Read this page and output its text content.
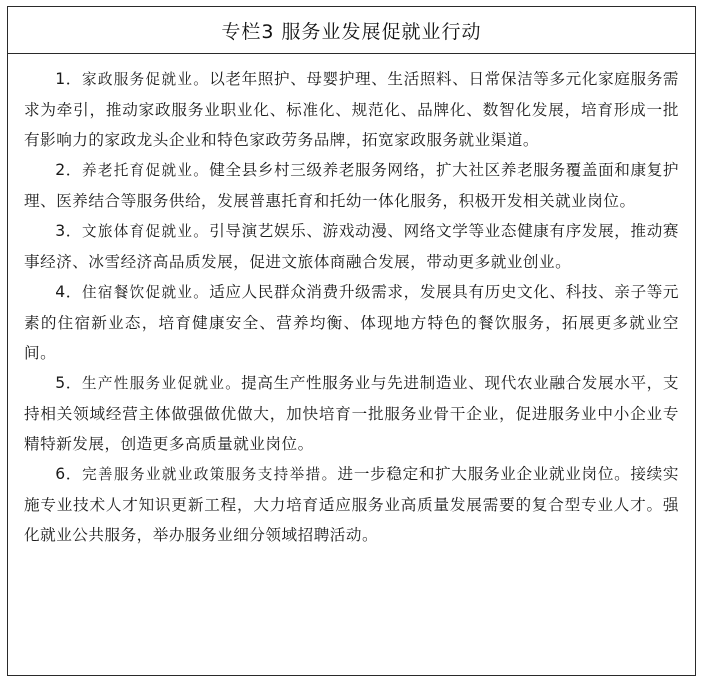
专栏3 服务业发展促就业行动

1．家政服务促就业。以老年照护、母婴护理、生活照料、日常保洁等多元化家庭服务需求为牵引，推动家政服务业职业化、标准化、规范化、品牌化、数智化发展，培育形成一批有影响力的家政龙头企业和特色家政劳务品牌，拓宽家政服务就业渠道。

2．养老托育促就业。健全县乡村三级养老服务网络，扩大社区养老服务覆盖面和康复护理、医养结合等服务供给，发展普惠托育和托幼一体化服务，积极开发相关就业岗位。

3．文旅体育促就业。引导演艺娱乐、游戏动漫、网络文学等业态健康有序发展，推动赛事经济、冰雪经济高品质发展，促进文旅体商融合发展，带动更多就业创业。

4．住宿餐饮促就业。适应人民群众消费升级需求，发展具有历史文化、科技、亲子等元素的住宿新业态，培育健康安全、营养均衡、体现地方特色的餐饮服务，拓展更多就业空间。

5．生产性服务业促就业。提高生产性服务业与先进制造业、现代农业融合发展水平，支持相关领域经营主体做强做优做大，加快培育一批服务业骨干企业，促进服务业中小企业专精特新发展，创造更多高质量就业岗位。

6．完善服务业就业政策服务支持举措。进一步稳定和扩大服务业企业就业岗位。接续实施专业技术人才知识更新工程，大力培育适应服务业高质量发展需要的复合型专业人才。强化就业公共服务，举办服务业细分领域招聘活动。
